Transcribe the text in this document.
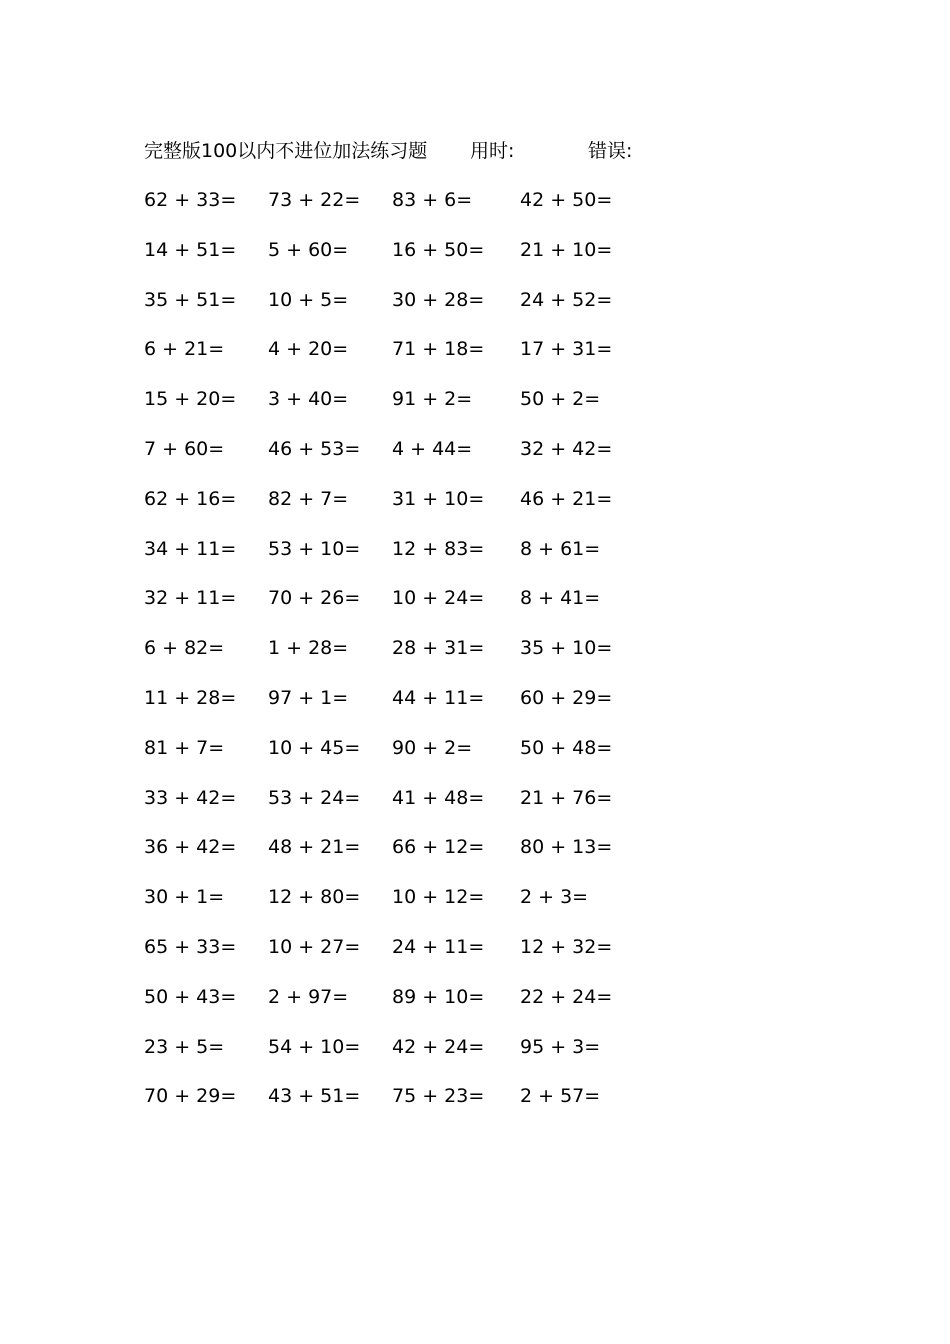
完整版100以内不进位加法练习题 用时:	错误:
62 + 33= 73 + 22= 83 + 6=	42 + 50=
14 + 51= 5 + 60= 16 + 50= 21 + 10=
35 + 51= 10 + 5= 30 + 28= 24 + 52=
6 + 21= 4 + 20= 71 + 18= 17 + 31=
15 + 20= 3 + 40= 91 + 2=	50 + 2=
7 + 60= 46 + 53= 4 + 44=	32 + 42=
62 + 16= 82 + 7= 31 + 10= 46 + 21=
34 + 11= 53 + 10= 12 + 83= 8 + 61=
32 + 11= 70 + 26= 10 + 24= 8 + 41=
6 + 82= 1 + 28= 28 + 31= 35 + 10=
11 + 28= 97 + 1= 44 + 11= 60 + 29=
81 + 7= 10 + 45= 90 + 2=	50 + 48=
33 + 42= 53 + 24= 41 + 48= 21 + 76=
36 + 42= 48 + 21= 66 + 12= 80 + 13=
30 + 1= 12 + 80= 10 + 12= 2 + 3=
65 + 33= 10 + 27= 24 + 11= 12 + 32=
50 + 43= 2 + 97= 89 + 10= 22 + 24=
23 + 5= 54 + 10= 42 + 24= 95 + 3=
70 + 29= 43 + 51= 75 + 23= 2 + 57=
